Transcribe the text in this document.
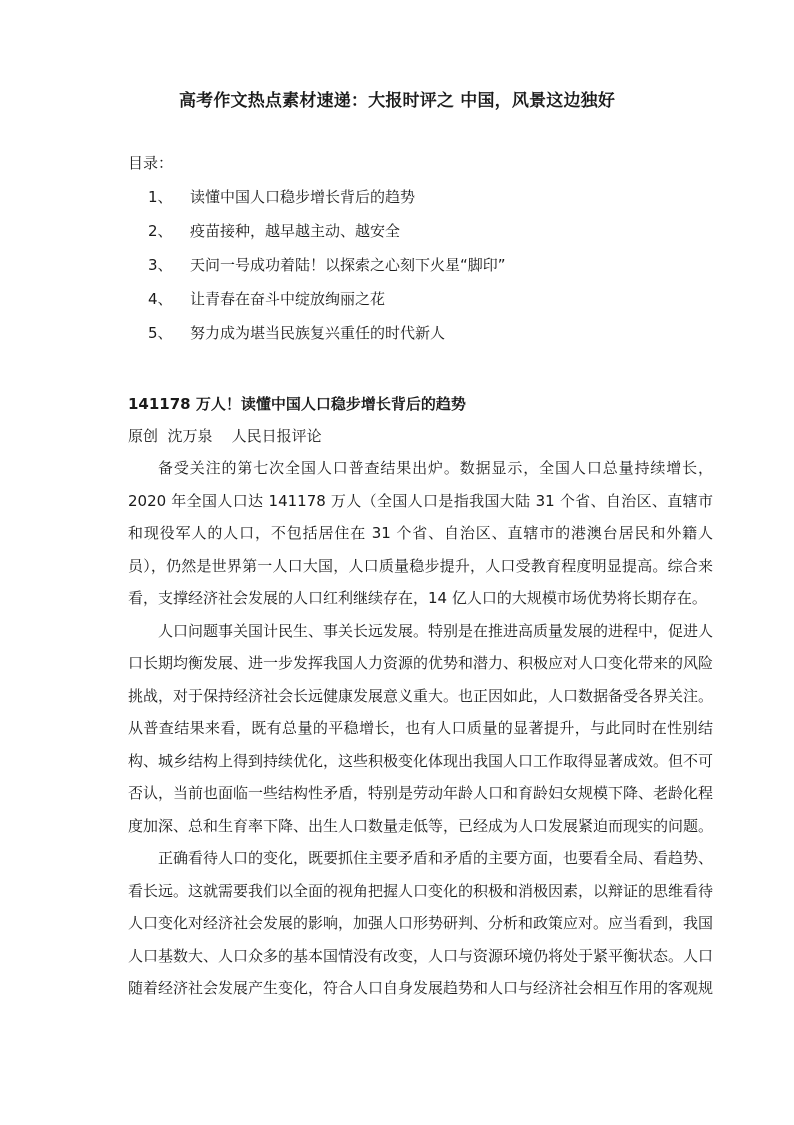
高考作文热点素材速递：大报时评之 中国，风景这边独好
目录：
1、 读懂中国人口稳步增长背后的趋势
2、 疫苗接种，越早越主动、越安全
3、 天问一号成功着陆！以探索之心刻下火星“脚印”
4、 让青春在奋斗中绽放绚丽之花
5、 努力成为堪当民族复兴重任的时代新人
141178 万人！读懂中国人口稳步增长背后的趋势
原创  沈万泉    人民日报评论

备受关注的第七次全国人口普查结果出炉。数据显示，全国人口总量持续增长，2020 年全国人口达 141178 万人（全国人口是指我国大陆 31 个省、自治区、直辖市和现役军人的人口，不包括居住在 31 个省、自治区、直辖市的港澳台居民和外籍人员），仍然是世界第一人口大国，人口质量稳步提升，人口受教育程度明显提高。综合来看，支撑经济社会发展的人口红利继续存在，14 亿人口的大规模市场优势将长期存在。

人口问题事关国计民生、事关长远发展。特别是在推进高质量发展的进程中，促进人口长期均衡发展、进一步发挥我国人力资源的优势和潜力、积极应对人口变化带来的风险挑战，对于保持经济社会长远健康发展意义重大。也正因如此，人口数据备受各界关注。从普查结果来看，既有总量的平稳增长，也有人口质量的显著提升，与此同时在性别结构、城乡结构上得到持续优化，这些积极变化体现出我国人口工作取得显著成效。但不可否认，当前也面临一些结构性矛盾，特别是劳动年龄人口和育龄妇女规模下降、老龄化程度加深、总和生育率下降、出生人口数量走低等，已经成为人口发展紧迫而现实的问题。

正确看待人口的变化，既要抓住主要矛盾和矛盾的主要方面，也要看全局、看趋势、看长远。这就需要我们以全面的视角把握人口变化的积极和消极因素，以辩证的思维看待人口变化对经济社会发展的影响，加强人口形势研判、分析和政策应对。应当看到，我国人口基数大、人口众多的基本国情没有改变，人口与资源环境仍将处于紧平衡状态。人口随着经济社会发展产生变化，符合人口自身发展趋势和人口与经济社会相互作用的客观规
